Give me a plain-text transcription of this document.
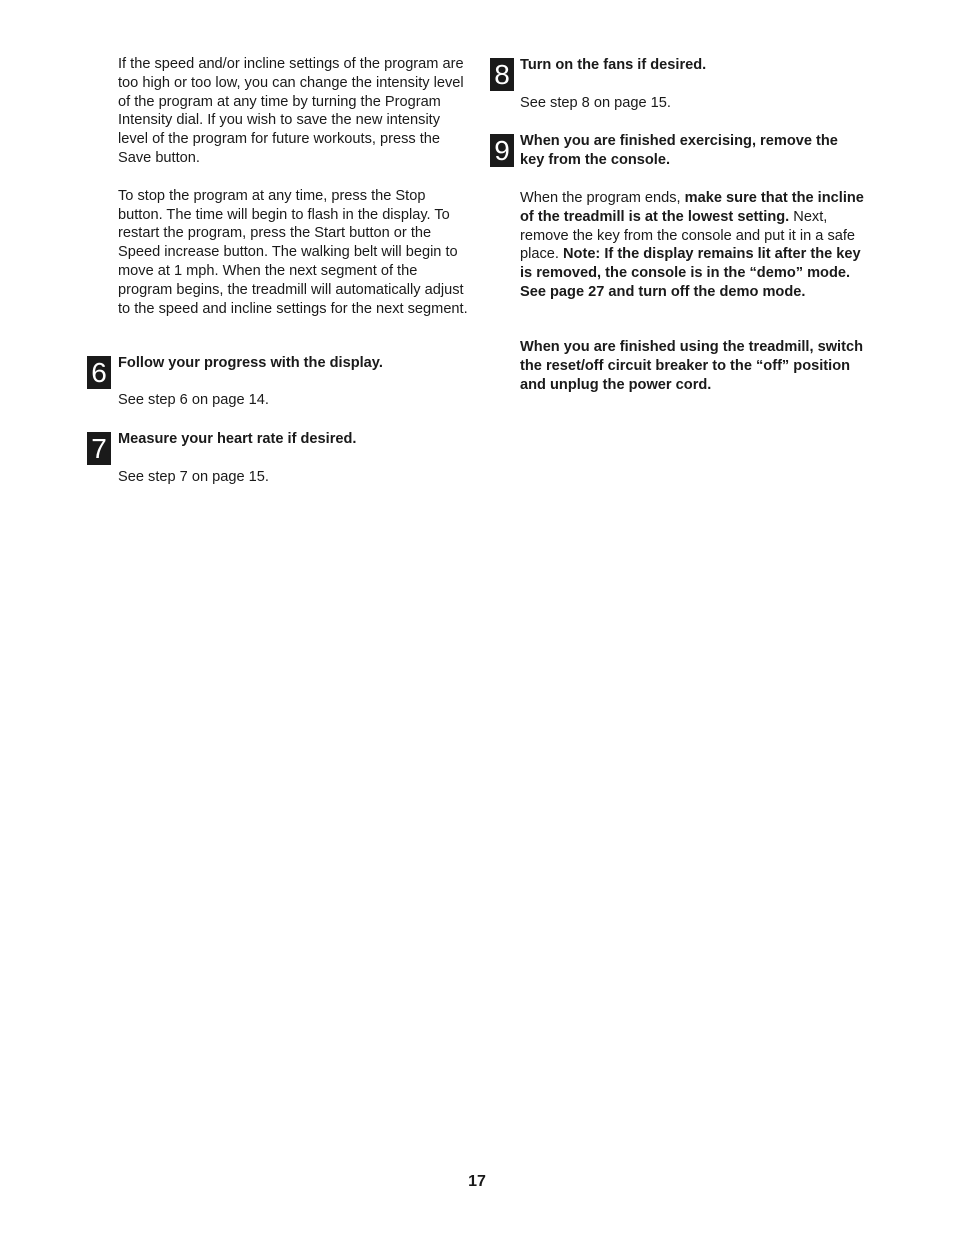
If the speed and/or incline settings of the program are too high or too low, you can change the intensity level of the program at any time by turning the Program Intensity dial. If you wish to save the new intensity level of the program for future workouts, press the Save button.

To stop the program at any time, press the Stop button. The time will begin to flash in the display. To restart the program, press the Start button or the Speed increase button. The walking belt will begin to move at 1 mph. When the next segment of the program begins, the treadmill will automatically adjust to the speed and incline settings for the next segment.

6 Follow your progress with the display.

See step 6 on page 14.

7 Measure your heart rate if desired.

See step 7 on page 15.

8 Turn on the fans if desired.

See step 8 on page 15.

9 When you are finished exercising, remove the key from the console.

When the program ends, make sure that the incline of the treadmill is at the lowest setting. Next, remove the key from the console and put it in a safe place. Note: If the display remains lit after the key is removed, the console is in the “demo” mode. See page 27 and turn off the demo mode.

When you are finished using the treadmill, switch the reset/off circuit breaker to the “off” position and unplug the power cord.

17
